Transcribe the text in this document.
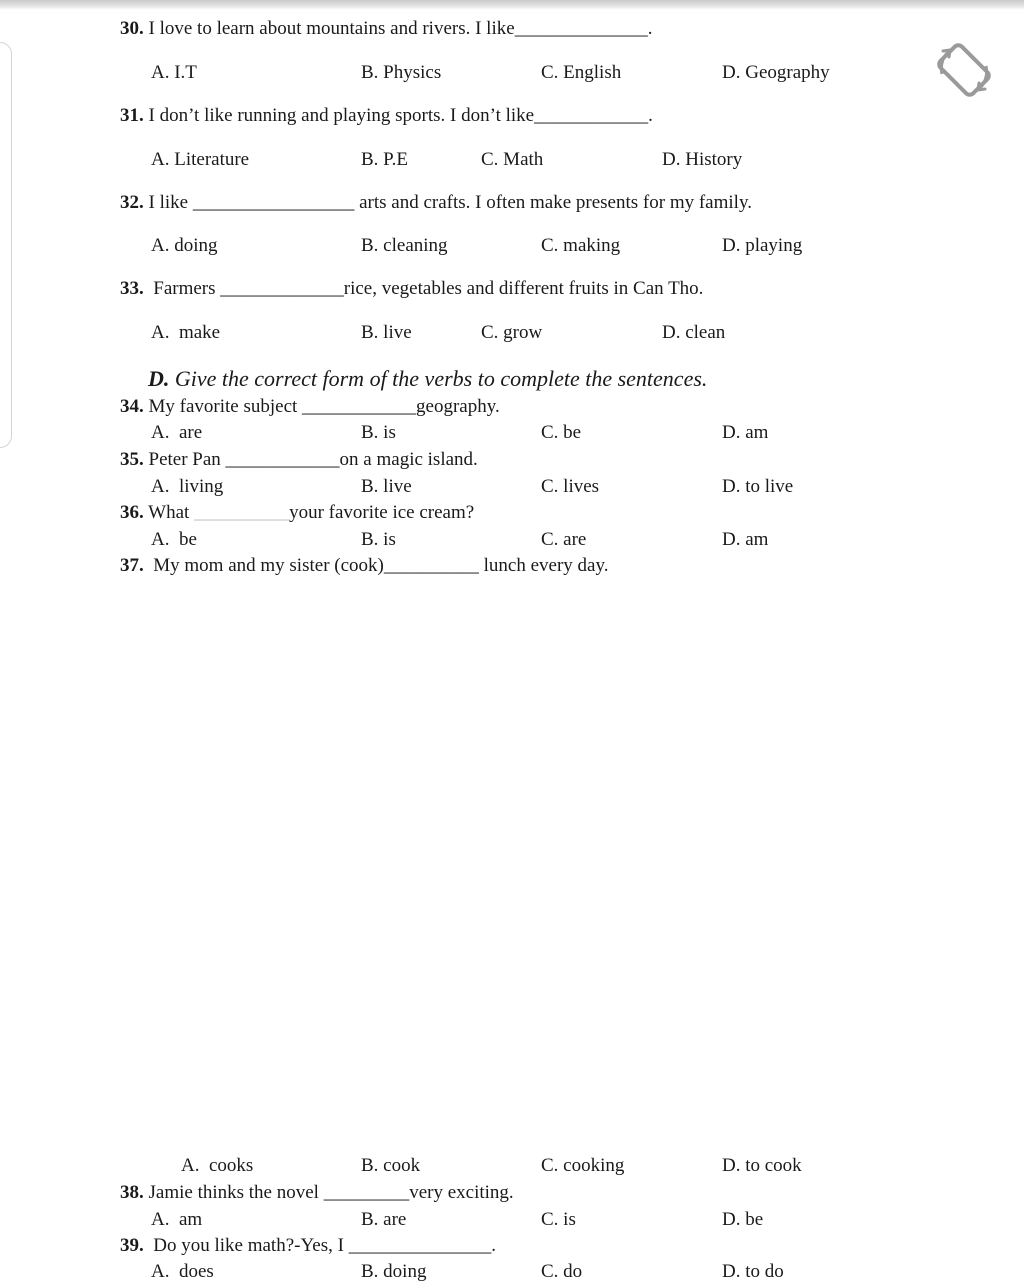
30. I love to learn about mountains and rivers. I like______________.
A. I.T	B. Physics	C. English	D. Geography
31. I don’t like running and playing sports. I don’t like____________.
A. Literature	B. P.E	C. Math	D. History
32. I like _________________ arts and crafts. I often make presents for my family.
A. doing	B. cleaning	C. making	D. playing
33.  Farmers _____________rice, vegetables and different fruits in Can Tho.
A.  make	B. live	C. grow	D. clean
D. Give the correct form of the verbs to complete the sentences.
34. My favorite subject ____________geography.
A.  are	B. is	C. be	D. am
35. Peter Pan ____________on a magic island.
A.  living	B. live	C. lives	D. to live
36. What __________your favorite ice cream?
A.  be	B. is	C. are	D. am
37.  My mom and my sister (cook)__________ lunch every day.
A.  cooks	B. cook	C. cooking	D. to cook
38. Jamie thinks the novel _________very exciting.
A.  am	B. are	C. is	D. be
39.  Do you like math?-Yes, I _______________.
A.  does	B. doing	C. do	D. to do
